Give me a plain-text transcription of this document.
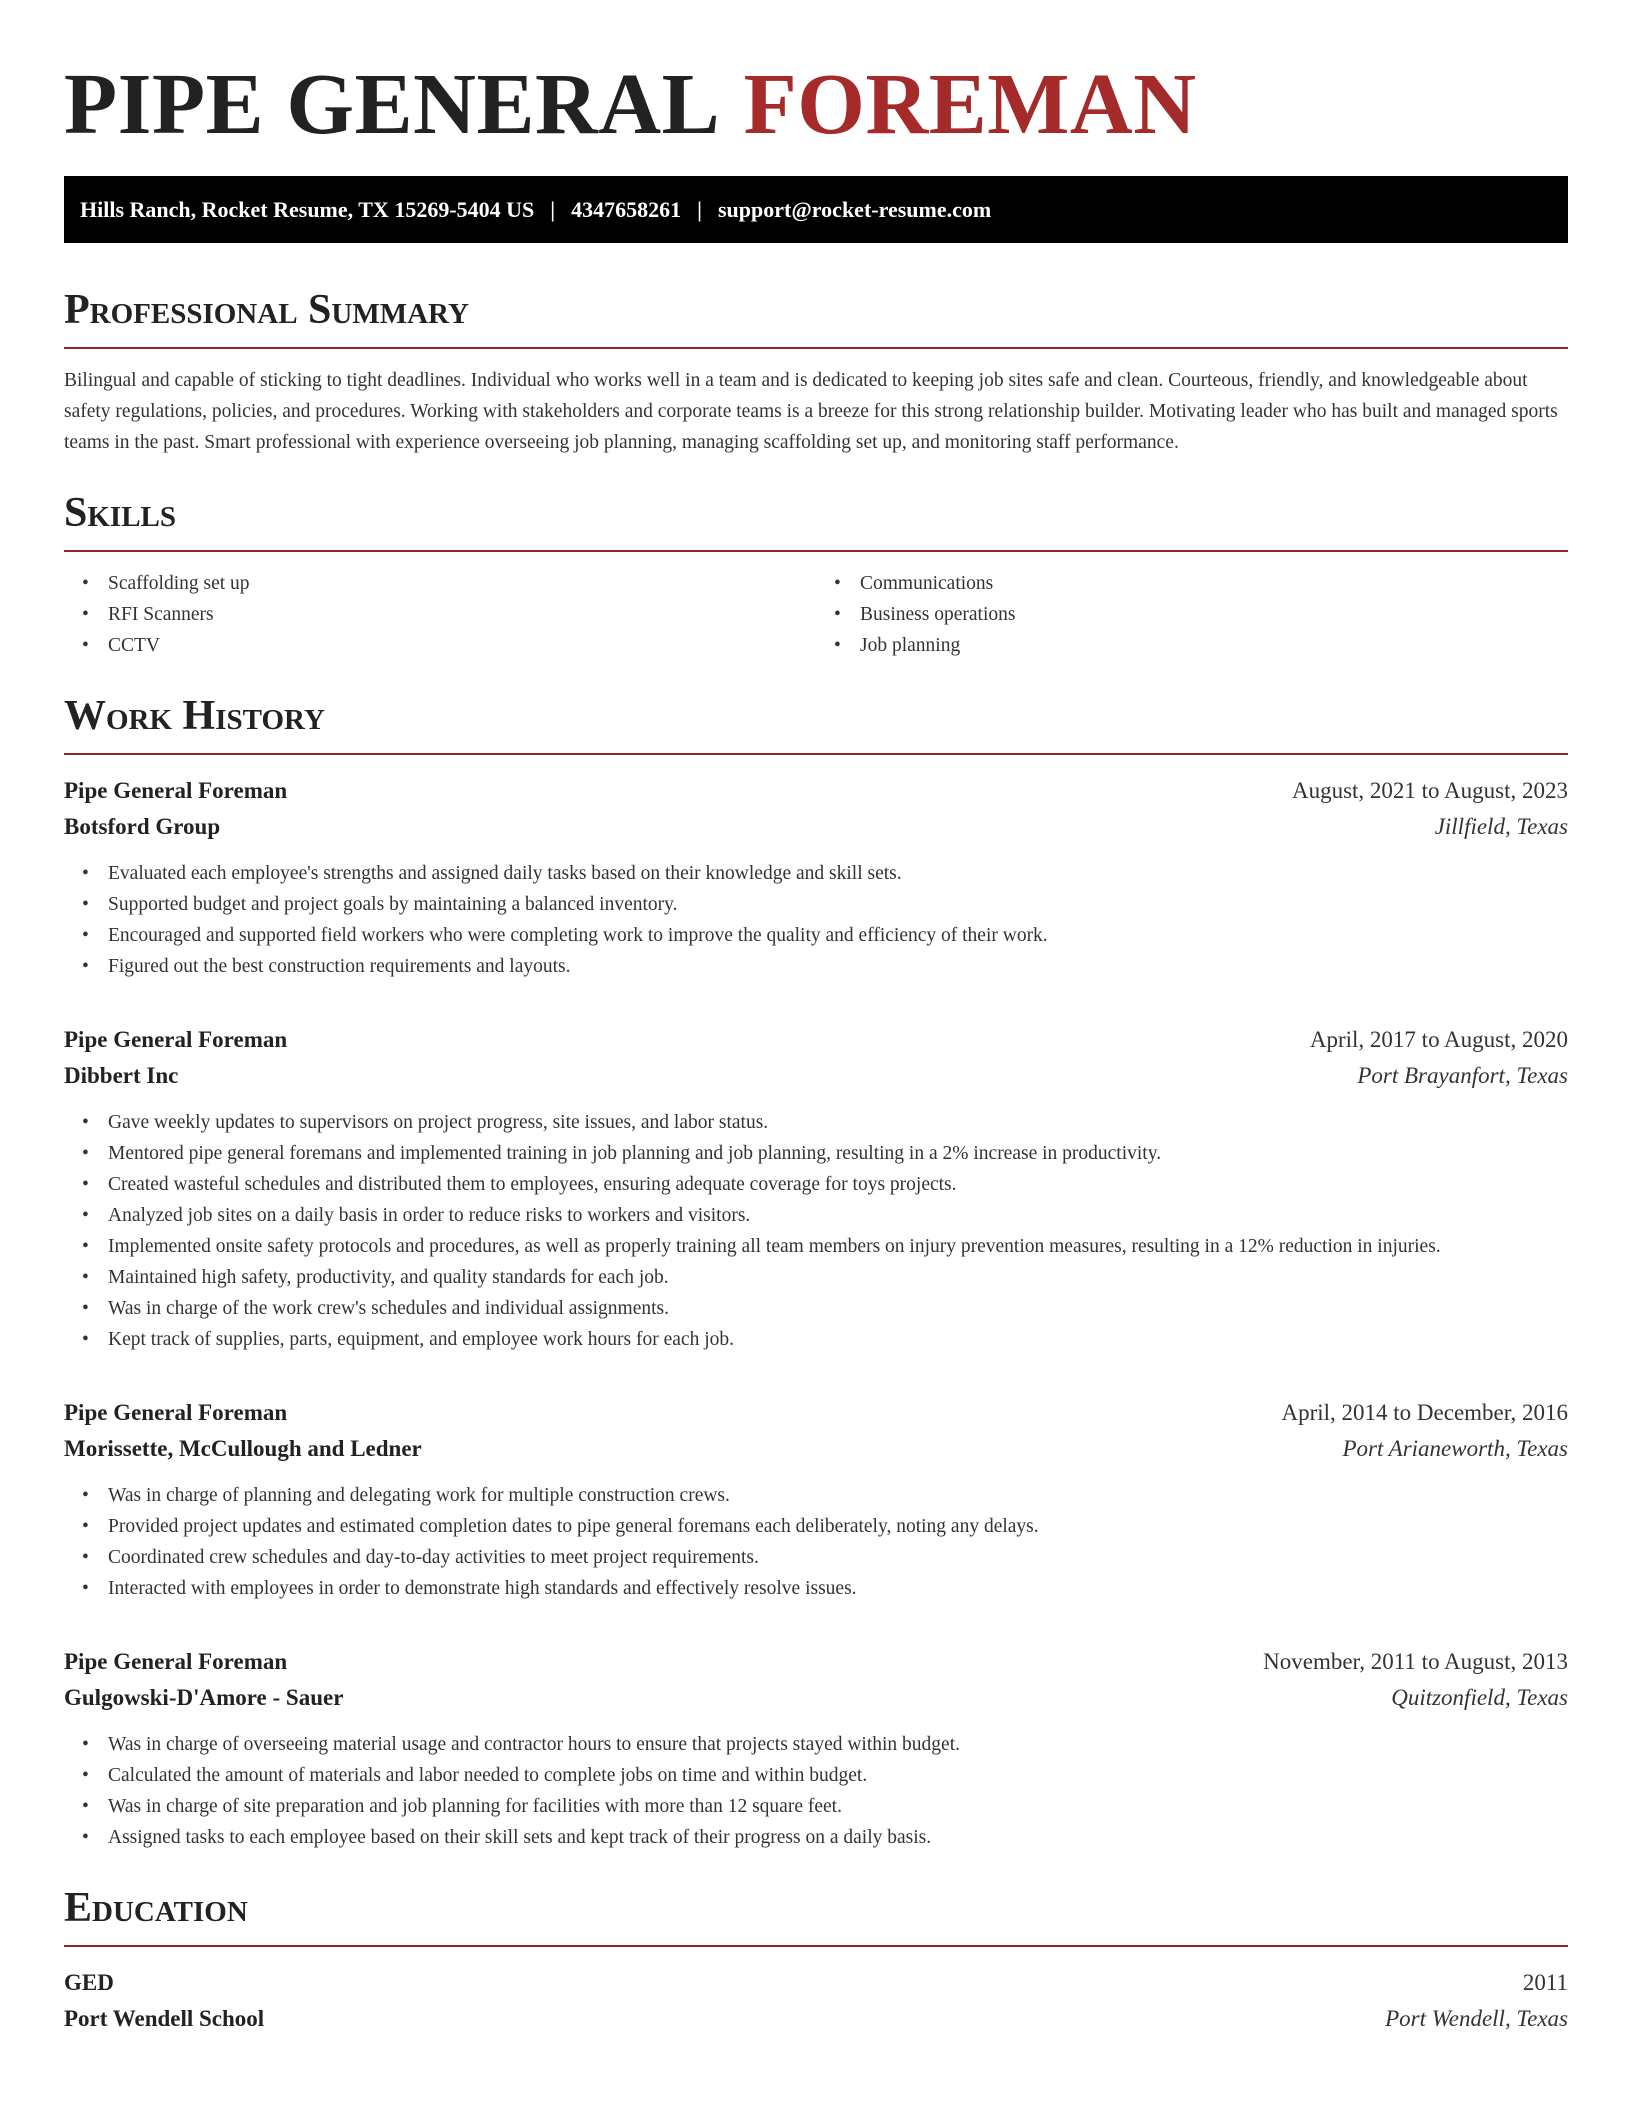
PIPE GENERAL FOREMAN
Hills Ranch, Rocket Resume, TX 15269-5404 US | 4347658261 | support@rocket-resume.com
Professional Summary

Bilingual and capable of sticking to tight deadlines. Individual who works well in a team and is dedicated to keeping job sites safe and clean. Courteous, friendly, and knowledgeable about safety regulations, policies, and procedures. Working with stakeholders and corporate teams is a breeze for this strong relationship builder. Motivating leader who has built and managed sports teams in the past. Smart professional with experience overseeing job planning, managing scaffolding set up, and monitoring staff performance.

Skills
• Scaffolding set up
• RFI Scanners
• CCTV
• Communications
• Business operations
• Job planning
Work History
Pipe General Foreman	August, 2021 to August, 2023
Botsford Group	Jillfield, Texas
• Evaluated each employee's strengths and assigned daily tasks based on their knowledge and skill sets.
• Supported budget and project goals by maintaining a balanced inventory.
• Encouraged and supported field workers who were completing work to improve the quality and efficiency of their work.
• Figured out the best construction requirements and layouts.
Pipe General Foreman	April, 2017 to August, 2020
Dibbert Inc	Port Brayanfort, Texas
• Gave weekly updates to supervisors on project progress, site issues, and labor status.
• Mentored pipe general foremans and implemented training in job planning and job planning, resulting in a 2% increase in productivity.
• Created wasteful schedules and distributed them to employees, ensuring adequate coverage for toys projects.
• Analyzed job sites on a daily basis in order to reduce risks to workers and visitors.
• Implemented onsite safety protocols and procedures, as well as properly training all team members on injury prevention measures, resulting in a 12% reduction in injuries.
• Maintained high safety, productivity, and quality standards for each job.
• Was in charge of the work crew's schedules and individual assignments.
• Kept track of supplies, parts, equipment, and employee work hours for each job.
Pipe General Foreman	April, 2014 to December, 2016
Morissette, McCullough and Ledner	Port Arianeworth, Texas
• Was in charge of planning and delegating work for multiple construction crews.
• Provided project updates and estimated completion dates to pipe general foremans each deliberately, noting any delays.
• Coordinated crew schedules and day-to-day activities to meet project requirements.
• Interacted with employees in order to demonstrate high standards and effectively resolve issues.
Pipe General Foreman	November, 2011 to August, 2013
Gulgowski-D'Amore - Sauer	Quitzonfield, Texas
• Was in charge of overseeing material usage and contractor hours to ensure that projects stayed within budget.
• Calculated the amount of materials and labor needed to complete jobs on time and within budget.
• Was in charge of site preparation and job planning for facilities with more than 12 square feet.
• Assigned tasks to each employee based on their skill sets and kept track of their progress on a daily basis.
Education
GED	2011
Port Wendell School	Port Wendell, Texas
